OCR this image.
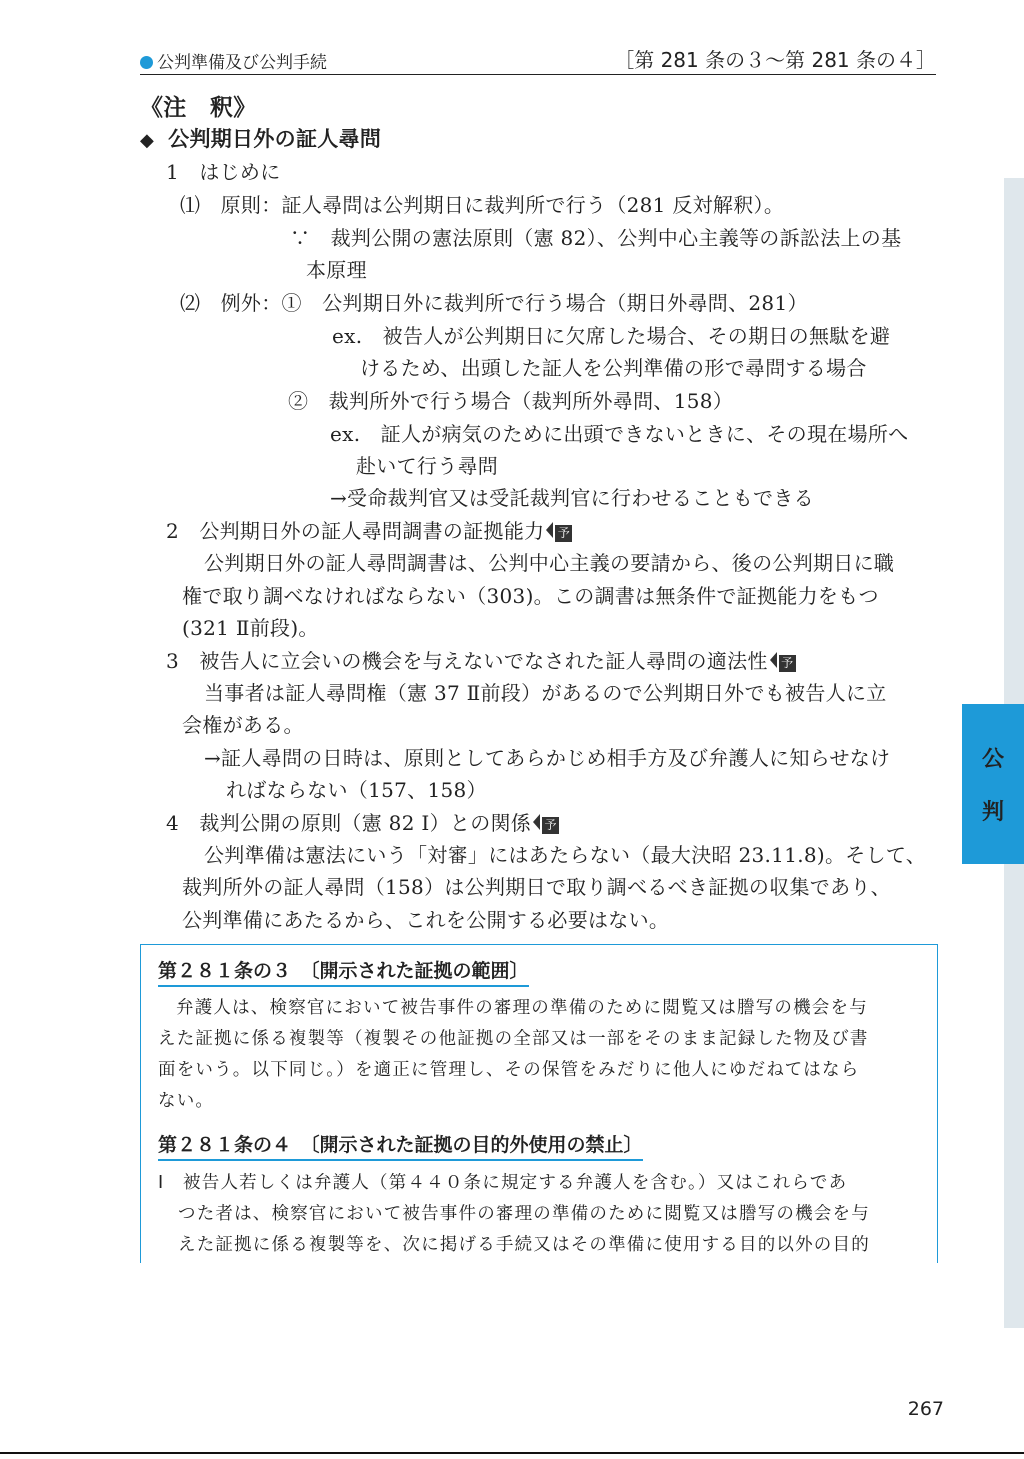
公判準備及び公判手続	［第 281 条の３～第 281 条の４］
公
判
《注　釈》
◆ 公判期日外の証人尋問
1　はじめに
⑴　原則：証人尋問は公判期日に裁判所で行う（281 反対解釈）。
∵　裁判公開の憲法原則（憲 82）、公判中心主義等の訴訟法上の基
本原理
⑵　例外：①　公判期日外に裁判所で行う場合（期日外尋問、281）
ex.　被告人が公判期日に欠席した場合、その期日の無駄を避
けるため、出頭した証人を公判準備の形で尋問する場合
②　裁判所外で行う場合（裁判所外尋問、158）
ex.　証人が病気のために出頭できないときに、その現在場所へ
赴いて行う尋問
→受命裁判官又は受託裁判官に行わせることもできる
2　公判期日外の証人尋問調書の証拠能力 予
公判期日外の証人尋問調書は、公判中心主義の要請から、後の公判期日に職
権で取り調べなければならない（303)。この調書は無条件で証拠能力をもつ
(321 Ⅱ前段)。
3　被告人に立会いの機会を与えないでなされた証人尋問の適法性 予
当事者は証人尋問権（憲 37 Ⅱ前段）があるので公判期日外でも被告人に立
会権がある。
→証人尋問の日時は、原則としてあらかじめ相手方及び弁護人に知らせなけ
ればならない（157、158）
4　裁判公開の原則（憲 82 Ⅰ）との関係 予
公判準備は憲法にいう「対審」にはあたらない（最大決昭 23.11.8)。そして、
裁判所外の証人尋問（158）は公判期日で取り調べるべき証拠の収集であり、
公判準備にあたるから、これを公開する必要はない。
第２８１条の３　〔開示された証拠の範囲〕
弁護人は、検察官において被告事件の審理の準備のために閲覧又は謄写の機会を与
えた証拠に係る複製等（複製その他証拠の全部又は一部をそのまま記録した物及び書
面をいう。以下同じ。）を適正に管理し、その保管をみだりに他人にゆだねてはなら
ない。
第２８１条の４　〔開示された証拠の目的外使用の禁止〕
Ⅰ　被告人若しくは弁護人（第４４０条に規定する弁護人を含む。）又はこれらであ
つた者は、検察官において被告事件の審理の準備のために閲覧又は謄写の機会を与
えた証拠に係る複製等を、次に掲げる手続又はその準備に使用する目的以外の目的
267
